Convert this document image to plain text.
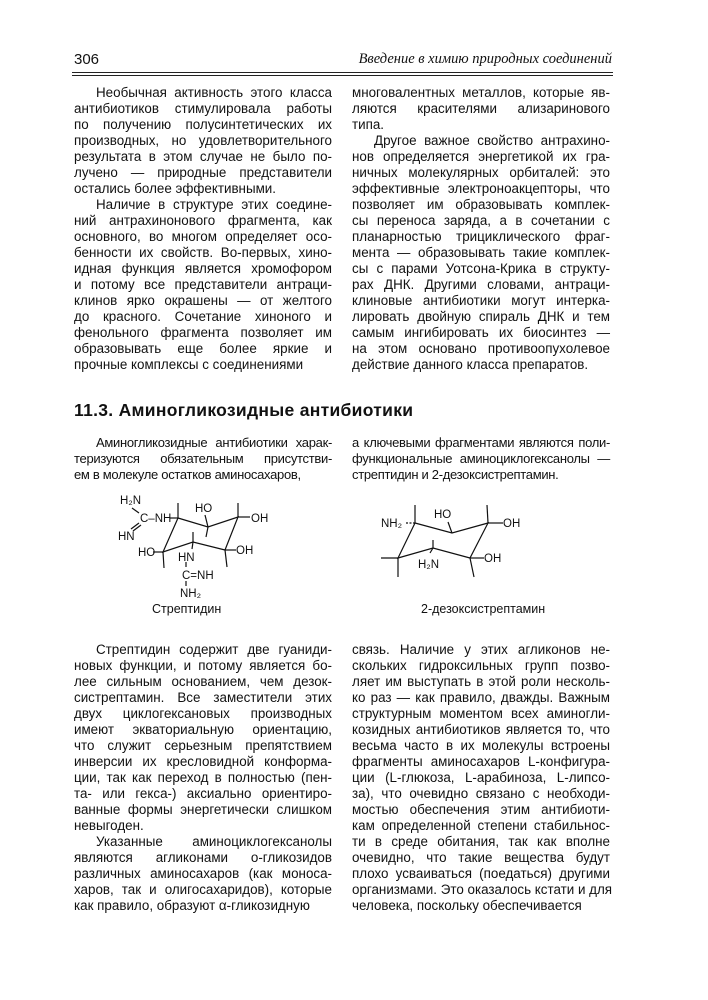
306	Введение в химию природных соединений
Необычная активность этого класса
антибиотиков стимулировала работы
по получению полусинтетических их
производных, но удовлетворительного
результата в этом случае не было по-
лучено — природные представители
остались более эффективными.
Наличие в структуре этих соедине-
ний антрахинонового фрагмента, как
основного, во многом определяет осо-
бенности их свойств. Во-первых, хино-
идная функция является хромофором
и потому все представители антраци-
клинов ярко окрашены — от желтого
до красного. Сочетание хиноного и
фенольного фрагмента позволяет им
образовывать еще более яркие и
прочные комплексы с соединениями
многовалентных металлов, которые яв-
ляются красителями ализаринового
типа.
Другое важное свойство антрахино-
нов определяется энергетикой их гра-
ничных молекулярных орбиталей: это
эффективные электроноакцепторы, что
позволяет им образовывать комплек-
сы переноса заряда, а в сочетании с
планарностью трициклического фраг-
мента — образовывать такие комплек-
сы с парами Уотсона-Крика в структу-
рах ДНК. Другими словами, антраци-
клиновые антибиотики могут интерка-
лировать двойную спираль ДНК и тем
самым ингибировать их биосинтез —
на этом основано противоопухолевое
действие данного класса препаратов.
11.3. Аминогликозидные антибиотики
Аминогликозидные антибиотики харак-
теризуются обязательным присутстви-
ем в молекуле остатков аминосахаров,
а ключевыми фрагментами являются поли-
функциональные аминоциклогексанолы —
стрептидин и 2-дезоксистрептамин.
H₂N
C–NH
HN
HO
OH
HO	OH
HN
C=NH
NH₂
NH₂
HO
OH
OH
H₂N
Стрептидин	2-дезоксистрептамин
Стрептидин содержит две гуаниди-
новых функции, и потому является бо-
лее сильным основанием, чем дезок-
систрептамин. Все заместители этих
двух циклогексановых производных
имеют экваториальную ориентацию,
что служит серьезным препятствием
инверсии их кресловидной конформа-
ции, так как переход в полностью (пен-
та- или гекса-) аксиально ориентиро-
ванные формы энергетически слишком
невыгоден.
Указанные аминоциклогексанолы
являются агликонами о-гликозидов
различных аминосахаров (как моноса-
харов, так и олигосахаридов), которые
как правило, образуют α-гликозидную
связь. Наличие у этих агликонов не-
скольких гидроксильных групп позво-
ляет им выступать в этой роли несколь-
ко раз — как правило, дважды. Важным
структурным моментом всех аминогли-
козидных антибиотиков является то, что
весьма часто в их молекулы встроены
фрагменты аминосахаров L-конфигура-
ции (L-глюкоза, L-арабиноза, L-липсо-
за), что очевидно связано с необходи-
мостью обеспечения этим антибиоти-
кам определенной степени стабильнос-
ти в среде обитания, так как вполне
очевидно, что такие вещества будут
плохо усваиваться (поедаться) другими
организмами. Это оказалось кстати и для
человека, поскольку обеспечивается
